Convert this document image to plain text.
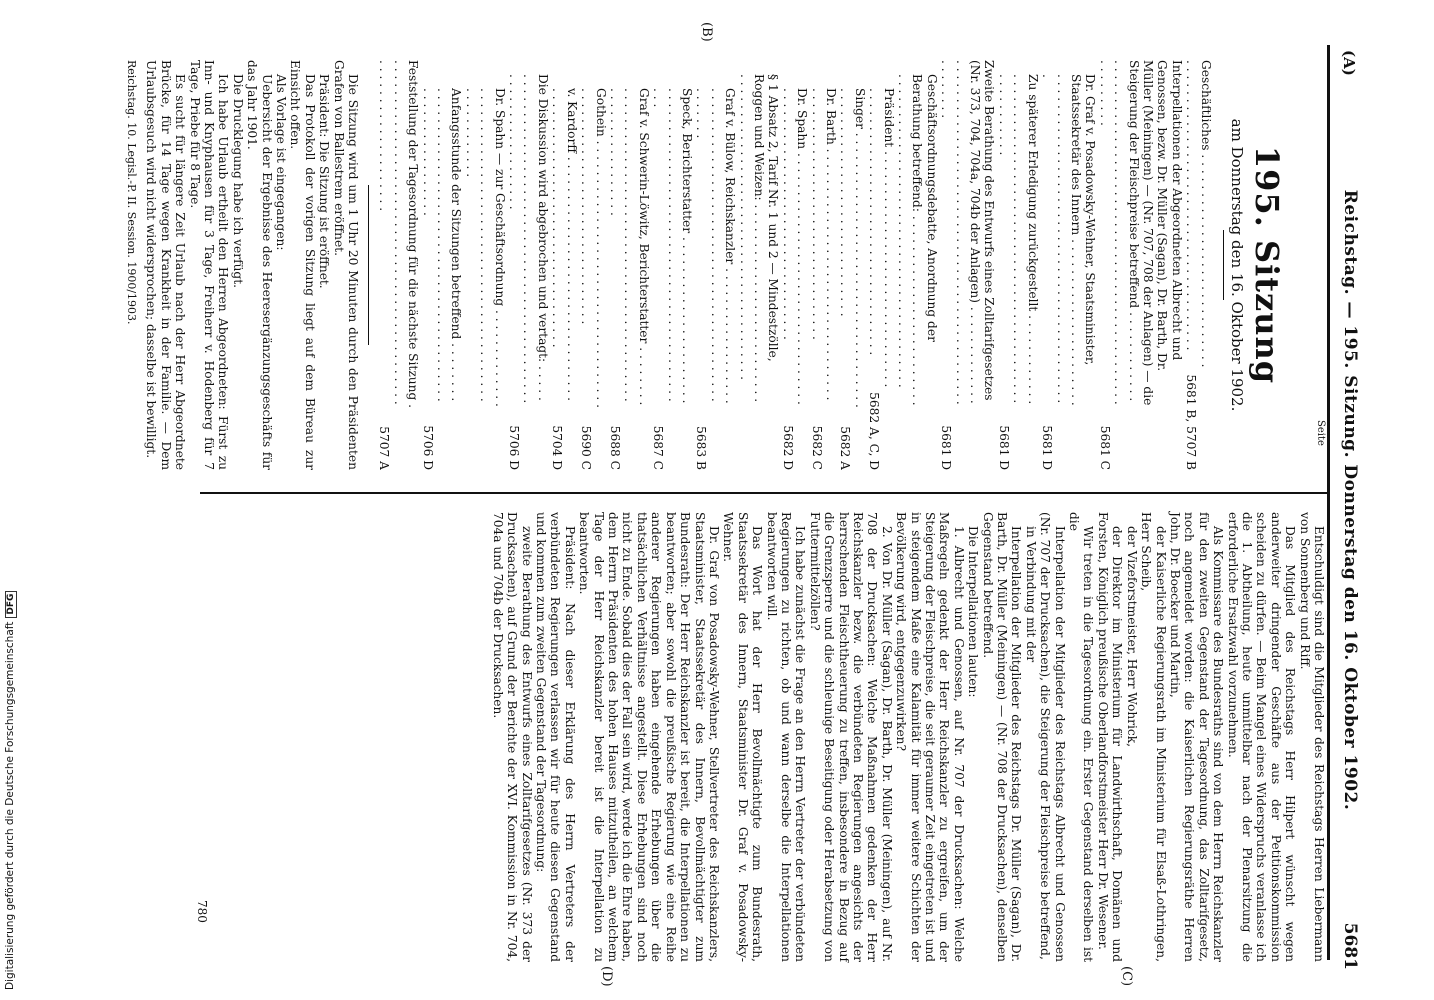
(A)
Reichstag. — 195. Sitzung. Donnerstag den 16. Oktober 1902.
5681
(B)
(C)
(D)
195. Sitzung
am Donnerstag den 16. Oktober 1902.
Geschäftliches . . .
5681 B, 5707 B
Interpellationen der Abgeordneten Albrecht und Genossen, bezw. Dr. Müller (Sagan), Dr. Barth, Dr. Müller (Meiningen) — (Nr. 707, 708 der Anlagen) — die Steigerung der Fleischpreise betreffend . . .
5681 C
Dr. Graf v. Posadowsky-Wehner, Staatsminister, Staatssekretär des Innern . . .
5681 D
Zu späterer Erledigung zurückgestellt . . .
5681 D
Zweite Berathung des Entwurfs eines Zolltarifgesetzes (Nr. 373, 704, 704a, 704b der Anlagen) . . .
5681 D
Geschäftsordnungsdebatte, Anordnung der Berathung betreffend: . . .
Präsident . . .
5682 A, C, D
Singer . . .
5682 A
Dr. Barth . . .
5682 C
Dr. Spahn . . .
5682 D
§ 1 Absatz 2, Tarif Nr. 1 und 2 — Mindestzölle, Roggen und Weizen: . . .
Graf v. Bülow, Reichskanzler . . .
5683 B
Speck, Berichterstatter . . .
5687 C
Graf v. Schwerin-Löwitz, Berichterstatter . . .
5688 C
Gothein . . .
5690 C
v. Kardorff . . .
5704 D
Die Diskussion wird abgebrochen und vertagt: . . .
5706 D
Dr. Spahn — zur Geschäftsordnung . . .
Anfangsstunde der Sitzungen betreffend . . .
5706 D
Feststellung der Tagesordnung für die nächste Sitzung . . .
5707 A

Die Sitzung wird um 1 Uhr 20 Minuten durch den Präsidenten Grafen von Ballestrem eröffnet.

Präsident: Die Sitzung ist eröffnet.

Das Protokoll der vorigen Sitzung liegt auf dem Büreau zur Einsicht offen.

Als Vorlage ist eingegangen:

Uebersicht der Ergebnisse des Heeresergänzungsgeschäfts für das Jahr 1901.

Die Drucklegung habe ich verfügt.

Ich habe Urlaub ertheilt den Herren Abgeordneten: Fürst zu Inn- und Knyphausen für 3 Tage, Freiherr v. Hodenberg für 7 Tage, Priebe für 8 Tage.

Es sucht für längere Zeit Urlaub nach der Herr Abgeordnete Brücke, für 14 Tage wegen Krankheit in der Familie. — Dem Urlaubsgesuch wird nicht widersprochen; dasselbe ist bewilligt.

Reichstag. 10. Legisl.-P. II. Session. 1900/1903.
Seite

Entschuldigt sind die Mitglieder des Reichstags Herren Liebermann von Sonnenberg und Riff.

Das Mitglied des Reichstags Herr Hilpert wünscht wegen anderweiter dringender Geschäfte aus der Petitionskommission scheiden zu dürfen. — Beim Mangel eines Widerspruchs veranlasse ich die 1. Abtheilung, heute unmittelbar nach der Plenarsitzung die erforderliche Ersatzwahl vorzunehmen.

Als Kommissare des Bundesraths sind von dem Herrn Reichskanzler für den zweiten Gegenstand der Tagesordnung, das Zolltarifgesetz, noch angemeldet worden: die Kaiserlichen Regierungsräthe Herren John, Dr. Boecker und Martin,

der Kaiserliche Regierungsrath im Ministerium für Elsaß-Lothringen, Herr Scheib,

der Vizeforstmeister, Herr Wohrick,

der Direktor im Ministerium für Landwirthschaft, Domänen und Forsten, Königlich preußische Oberlandforstmeister Herr Dr. Wesener.

Wir treten in die Tagesordnung ein. Erster Gegenstand derselben ist die

Interpellation der Mitglieder des Reichstags Albrecht und Genossen (Nr. 707 der Drucksachen), die Steigerung der Fleischpreise betreffend,

in Verbindung mit der

Interpellation der Mitglieder des Reichstags Dr. Müller (Sagan), Dr. Barth, Dr. Müller (Meiningen) — (Nr. 708 der Drucksachen), denselben Gegenstand betreffend.

Die Interpellationen lauten:

1. Albrecht und Genossen, auf Nr. 707 der Drucksachen: Welche Maßregeln gedenkt der Herr Reichskanzler zu ergreifen, um der Steigerung der Fleischpreise, die seit geraumer Zeit eingetreten ist und in steigendem Maße eine Kalamität für immer weitere Schichten der Bevölkerung wird, entgegenzuwirken?

2. Von Dr. Müller (Sagan), Dr. Barth, Dr. Müller (Meiningen), auf Nr. 708 der Drucksachen: Welche Maßnahmen gedenken der Herr Reichskanzler bezw. die verbündeten Regierungen angesichts der herrschenden Fleischtheuerung zu treffen, insbesondere in Bezug auf die Grenzsperre und die schleunige Beseitigung oder Herabsetzung von Futtermittelzöllen?

Ich habe zunächst die Frage an den Herrn Vertreter der verbündeten Regierungen zu richten, ob und wann derselbe die Interpellationen beantworten will.

Das Wort hat der Herr Bevollmächtigte zum Bundesrath, Staatssekretär des Innern, Staatsminister Dr. Graf v. Posadowsky-Wehner.

Dr. Graf von Posadowsky-Wehner, Stellvertreter des Reichskanzlers, Staatsminister, Staatssekretär des Innern, Bevollmächtigter zum Bundesrath: Der Herr Reichskanzler ist bereit, die Interpellationen zu beantworten; aber sowohl die preußische Regierung wie eine Reihe anderer Regierungen haben eingehende Erhebungen über die thatsächlichen Verhältnisse angestellt. Diese Erhebungen sind noch nicht zu Ende. Sobald dies der Fall sein wird, werde ich die Ehre haben, dem Herrn Präsidenten des hohen Hauses mitzutheilen, an welchem Tage der Herr Reichskanzler bereit ist die Interpellation zu beantworten.

Präsident: Nach dieser Erklärung des Herrn Vertreters der verbündeten Regierungen verlassen wir für heute diesen Gegenstand und kommen zum zweiten Gegenstand der Tagesordnung:

zweite Berathung des Entwurfs eines Zolltarifgesetzes (Nr. 373 der Drucksachen), auf Grund der Berichte der XVI. Kommission in Nr. 704, 704a und 704b der Drucksachen.

780
Digitalisierung gefördert durch die Deutsche ForschungsgemeinschaftDFG
